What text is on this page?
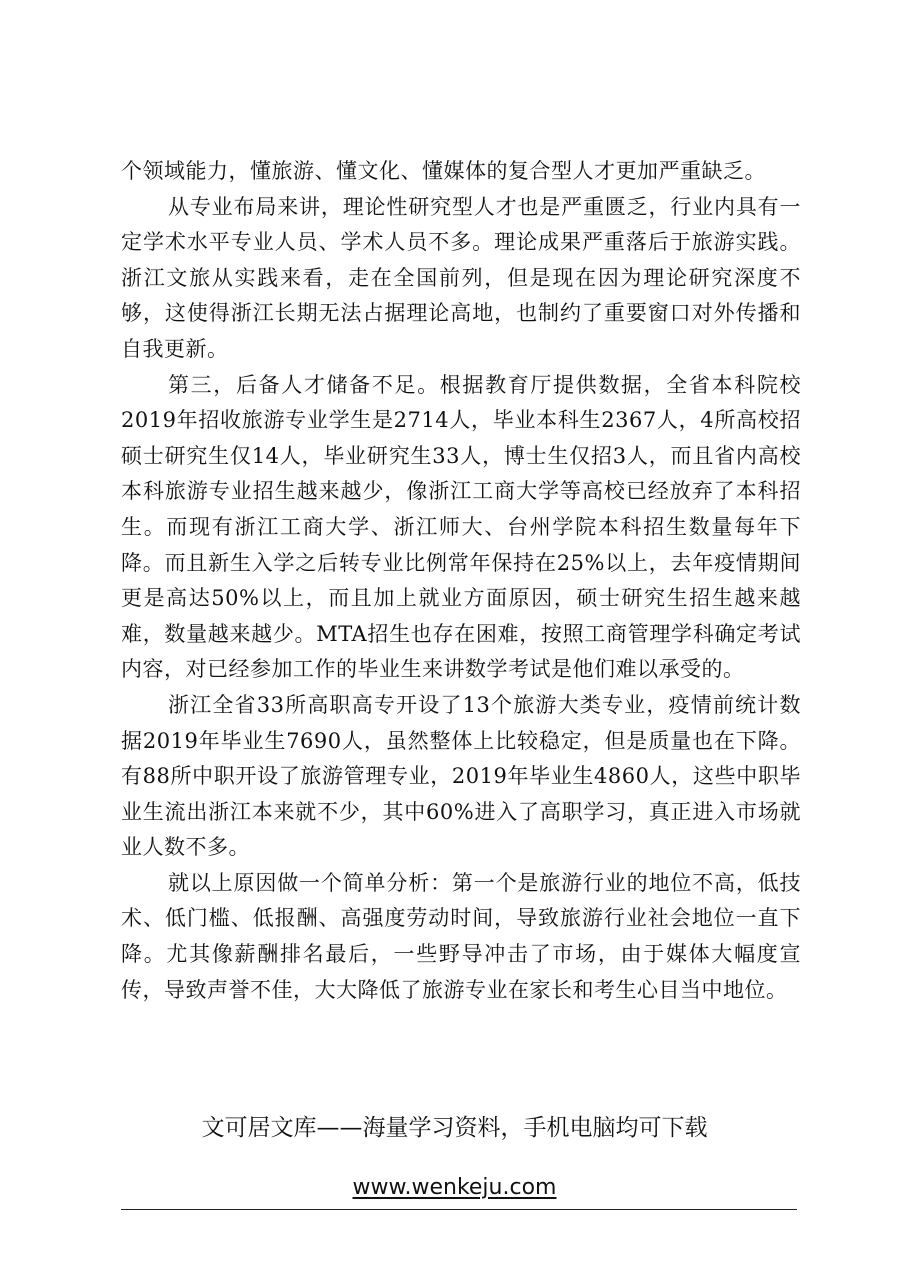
个领域能力，懂旅游、懂文化、懂媒体的复合型人才更加严重缺乏。

从专业布局来讲，理论性研究型人才也是严重匮乏，行业内具有一定学术水平专业人员、学术人员不多。理论成果严重落后于旅游实践。浙江文旅从实践来看，走在全国前列，但是现在因为理论研究深度不够，这使得浙江长期无法占据理论高地，也制约了重要窗口对外传播和自我更新。

第三，后备人才储备不足。根据教育厅提供数据，全省本科院校2019年招收旅游专业学生是2714人，毕业本科生2367人，4所高校招硕士研究生仅14人，毕业研究生33人，博士生仅招3人，而且省内高校本科旅游专业招生越来越少，像浙江工商大学等高校已经放弃了本科招生。而现有浙江工商大学、浙江师大、台州学院本科招生数量每年下降。而且新生入学之后转专业比例常年保持在25%以上，去年疫情期间更是高达50%以上，而且加上就业方面原因，硕士研究生招生越来越难，数量越来越少。MTA招生也存在困难，按照工商管理学科确定考试内容，对已经参加工作的毕业生来讲数学考试是他们难以承受的。

浙江全省33所高职高专开设了13个旅游大类专业，疫情前统计数据2019年毕业生7690人，虽然整体上比较稳定，但是质量也在下降。有88所中职开设了旅游管理专业，2019年毕业生4860人，这些中职毕业生流出浙江本来就不少，其中60%进入了高职学习，真正进入市场就业人数不多。

就以上原因做一个简单分析：第一个是旅游行业的地位不高，低技术、低门槛、低报酬、高强度劳动时间，导致旅游行业社会地位一直下降。尤其像薪酬排名最后，一些野导冲击了市场，由于媒体大幅度宣传，导致声誉不佳，大大降低了旅游专业在家长和考生心目当中地位。

文可居文库——海量学习资料，手机电脑均可下载
www.wenkeju.com
